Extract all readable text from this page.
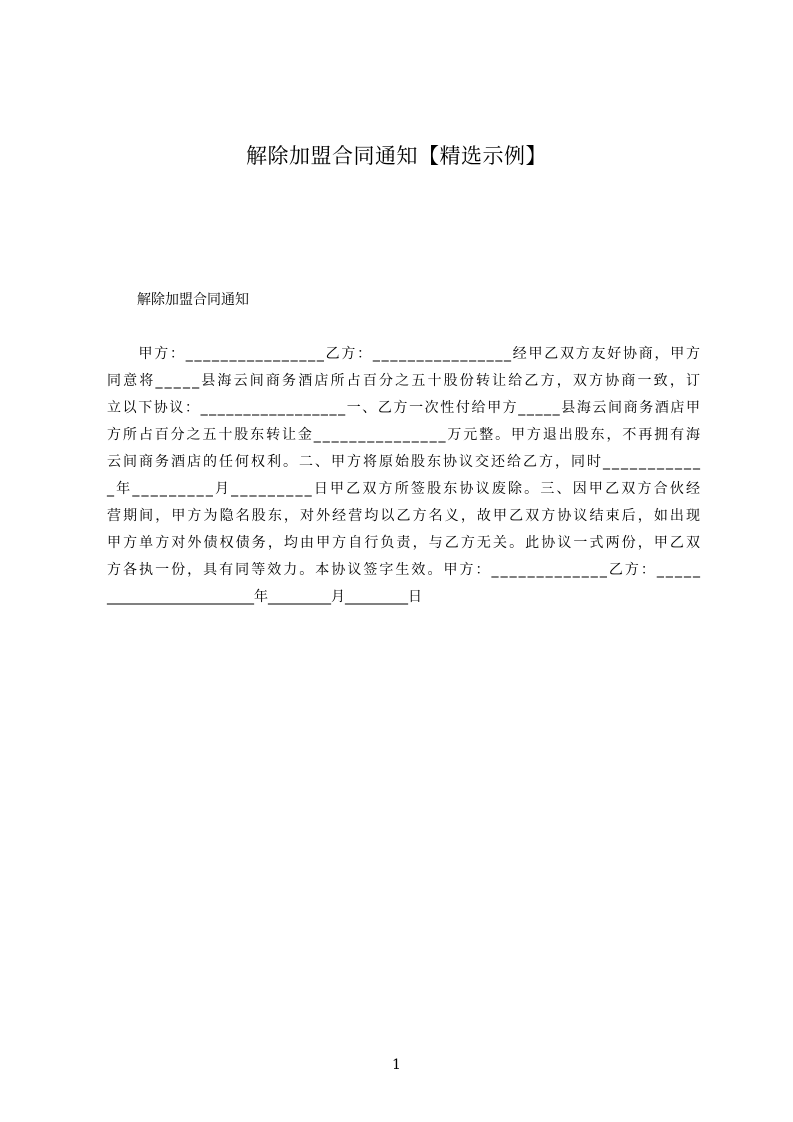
解除加盟合同通知【精选示例】
解除加盟合同通知
　　甲方：________________乙方：________________经甲乙双方友好协商，甲方
同意将_____县海云间商务酒店所占百分之五十股份转让给乙方，双方协商一致，订
立以下协议：_________________一、乙方一次性付给甲方_____县海云间商务酒店甲
方所占百分之五十股东转让金_______________万元整。甲方退出股东，不再拥有海
云间商务酒店的任何权利。二、甲方将原始股东协议交还给乙方，同时___________
_年_________月_________日甲乙双方所签股东协议废除。三、因甲乙双方合伙经
营期间，甲方为隐名股东，对外经营均以乙方名义，故甲乙双方协议结束后，如出现
甲方单方对外债权债务，均由甲方自行负责，与乙方无关。此协议一式两份，甲乙双
方各执一份，具有同等效力。本协议签字生效。甲方：_____________乙方：_____
_____________________年_________月_________日
1
